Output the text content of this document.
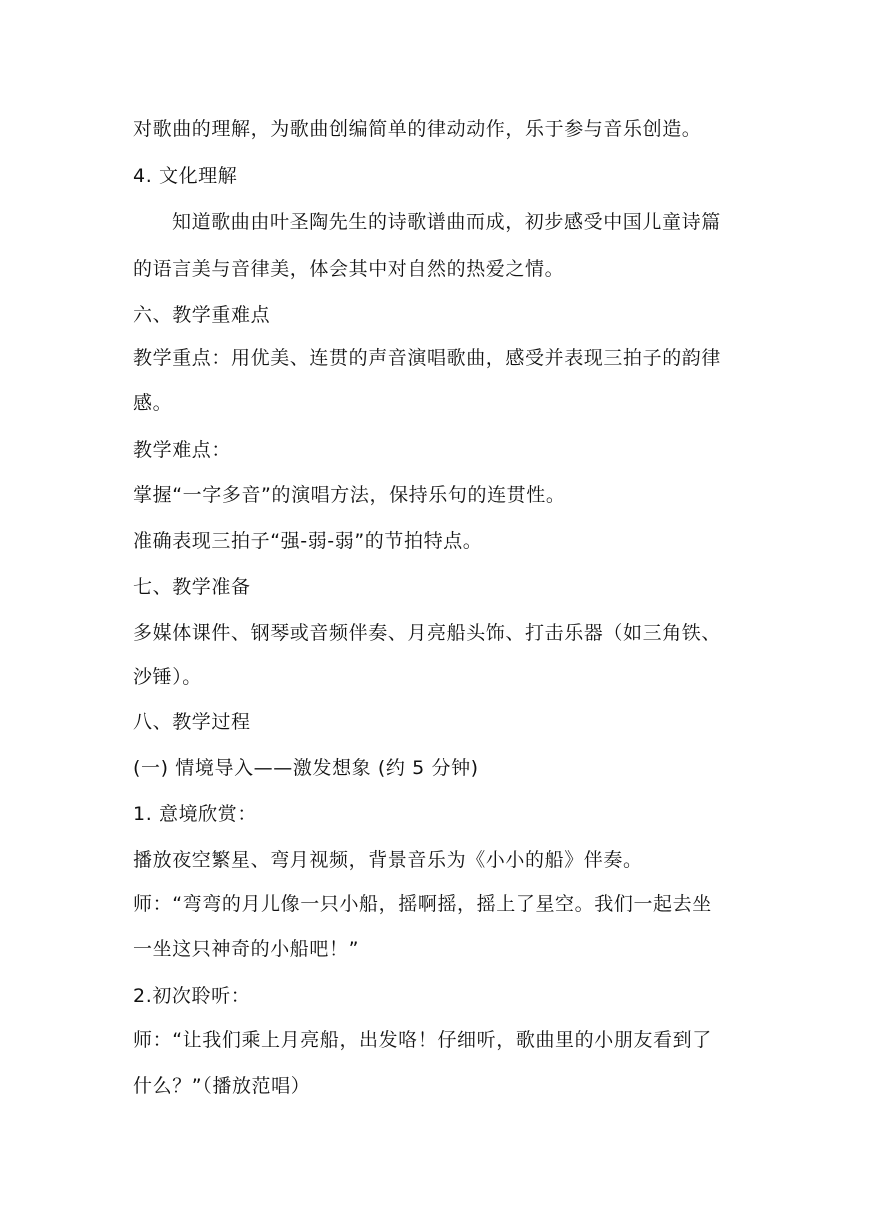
对歌曲的理解，为歌曲创编简单的律动动作，乐于参与音乐创造。
4. 文化理解
知道歌曲由叶圣陶先生的诗歌谱曲而成，初步感受中国儿童诗篇
的语言美与音律美，体会其中对自然的热爱之情。
六、教学重难点
教学重点：用优美、连贯的声音演唱歌曲，感受并表现三拍子的韵律
感。
教学难点：
掌握“一字多音”的演唱方法，保持乐句的连贯性。
准确表现三拍子“强-弱-弱”的节拍特点。
七、教学准备
多媒体课件、钢琴或音频伴奏、月亮船头饰、打击乐器（如三角铁、
沙锤）。
八、教学过程
(一) 情境导入——激发想象 (约 5 分钟)
1. 意境欣赏：
播放夜空繁星、弯月视频，背景音乐为《小小的船》伴奏。
师：“弯弯的月儿像一只小船，摇啊摇，摇上了星空。我们一起去坐
一坐这只神奇的小船吧！”
2.初次聆听：
师：“让我们乘上月亮船，出发咯！仔细听，歌曲里的小朋友看到了
什么？”（播放范唱）
